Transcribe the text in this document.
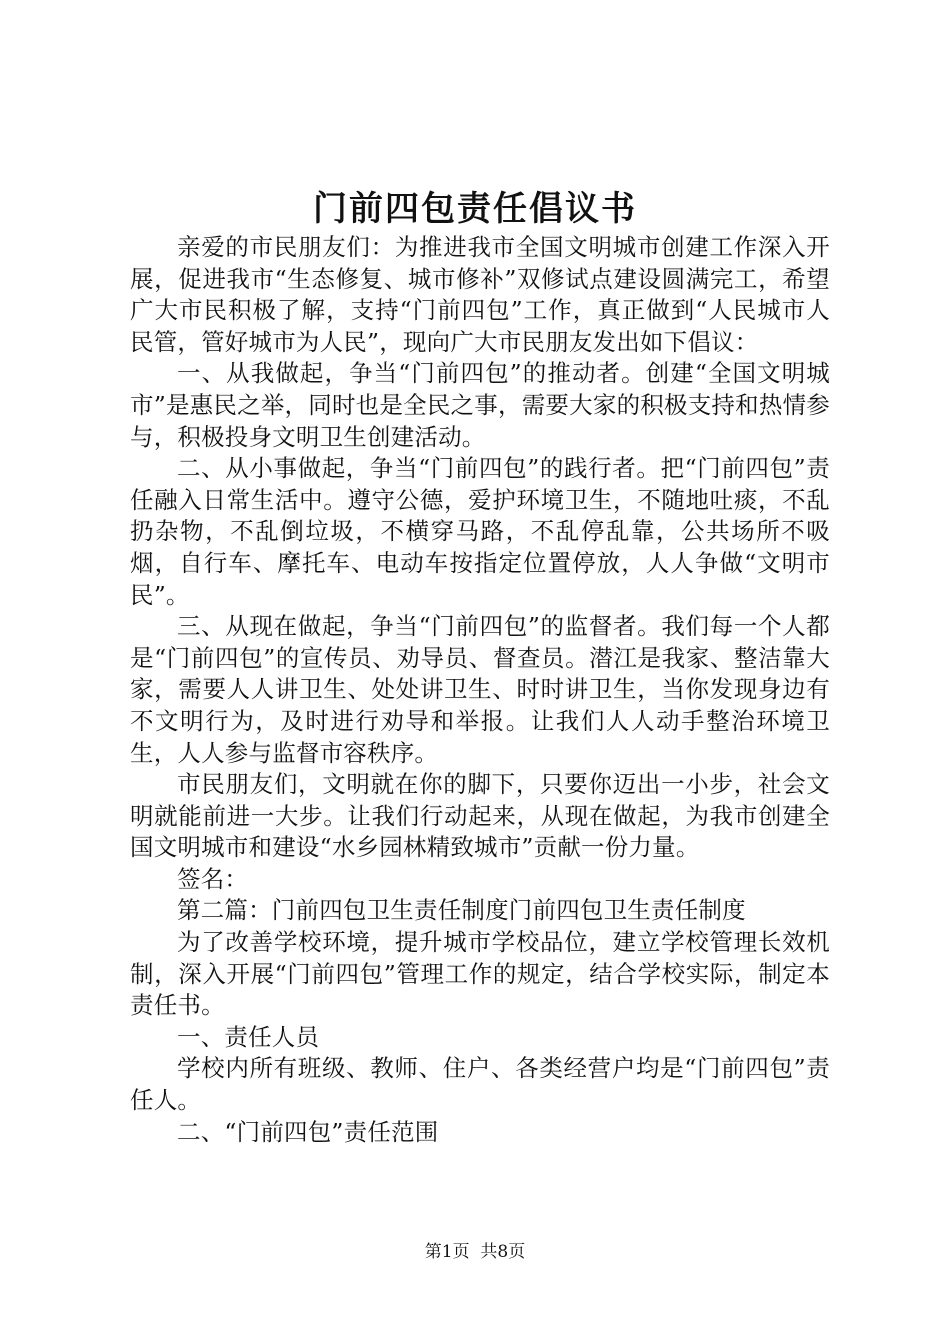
门前四包责任倡议书

亲爱的市民朋友们：为推进我市全国文明城市创建工作深入开展，促进我市“生态修复、城市修补”双修试点建设圆满完工，希望广大市民积极了解，支持“门前四包”工作，真正做到“人民城市人民管，管好城市为人民”，现向广大市民朋友发出如下倡议：

一、从我做起，争当“门前四包”的推动者。创建“全国文明城市”是惠民之举，同时也是全民之事，需要大家的积极支持和热情参与，积极投身文明卫生创建活动。

二、从小事做起，争当“门前四包”的践行者。把“门前四包”责任融入日常生活中。遵守公德，爱护环境卫生，不随地吐痰，不乱扔杂物，不乱倒垃圾，不横穿马路，不乱停乱靠，公共场所不吸烟，自行车、摩托车、电动车按指定位置停放，人人争做“文明市民”。

三、从现在做起，争当“门前四包”的监督者。我们每一个人都是“门前四包”的宣传员、劝导员、督查员。潜江是我家、整洁靠大家，需要人人讲卫生、处处讲卫生、时时讲卫生，当你发现身边有不文明行为，及时进行劝导和举报。让我们人人动手整治环境卫生，人人参与监督市容秩序。

市民朋友们，文明就在你的脚下，只要你迈出一小步，社会文明就能前进一大步。让我们行动起来，从现在做起，为我市创建全国文明城市和建设“水乡园林精致城市”贡献一份力量。

签名：

第二篇：门前四包卫生责任制度门前四包卫生责任制度

为了改善学校环境，提升城市学校品位，建立学校管理长效机制，深入开展“门前四包”管理工作的规定，结合学校实际，制定本责任书。

一、责任人员

学校内所有班级、教师、住户、各类经营户均是“门前四包”责任人。

二、“门前四包”责任范围

第1页 共8页
